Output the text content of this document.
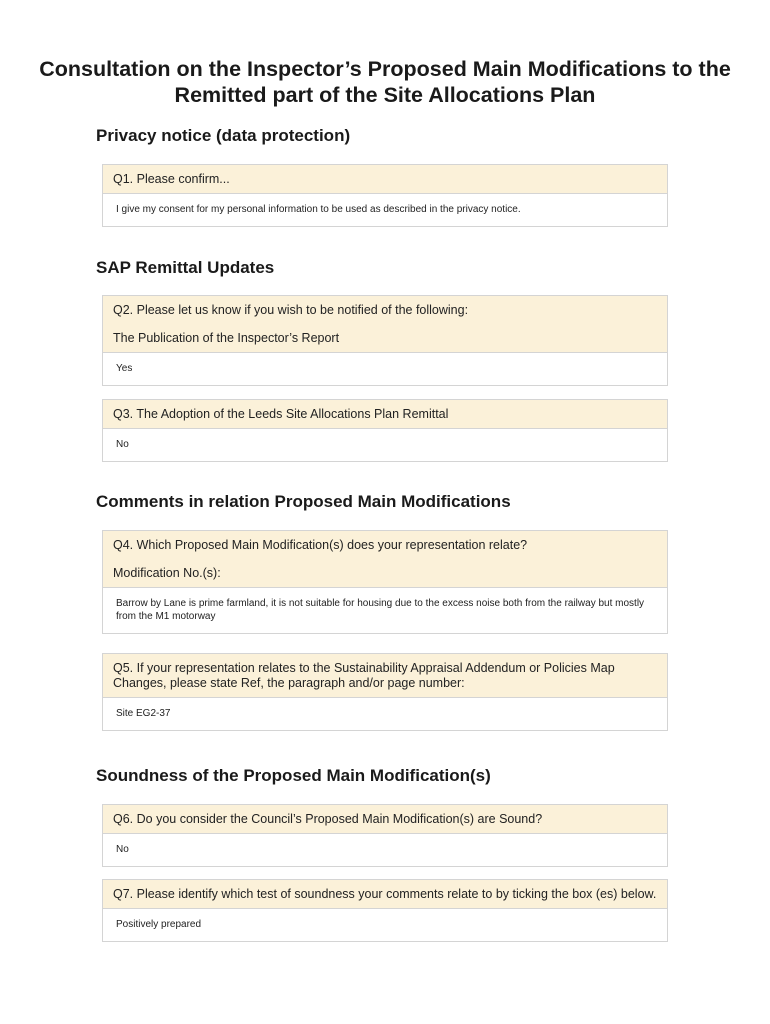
Consultation on the Inspector’s Proposed Main Modifications to the
Remitted part of the Site Allocations Plan
Privacy notice (data protection)
Q1. Please confirm...
I give my consent for my personal information to be used as described in the privacy notice.
SAP Remittal Updates
Q2. Please let us know if you wish to be notified of the following:
The Publication of the Inspector’s Report
Yes
Q3. The Adoption of the Leeds Site Allocations Plan Remittal
No
Comments in relation Proposed Main Modifications
Q4. Which Proposed Main Modification(s) does your representation relate?
Modification No.(s):
Barrow by Lane is prime farmland, it is not suitable for housing due to the excess noise both from the railway but mostly from the M1 motorway
Q5. If your representation relates to the Sustainability Appraisal Addendum or Policies Map Changes, please state Ref, the paragraph and/or page number:
Site EG2-37
Soundness of the Proposed Main Modification(s)
Q6. Do you consider the Council’s Proposed Main Modification(s) are Sound?
No
Q7. Please identify which test of soundness your comments relate to by ticking the box (es) below.
Positively prepared
